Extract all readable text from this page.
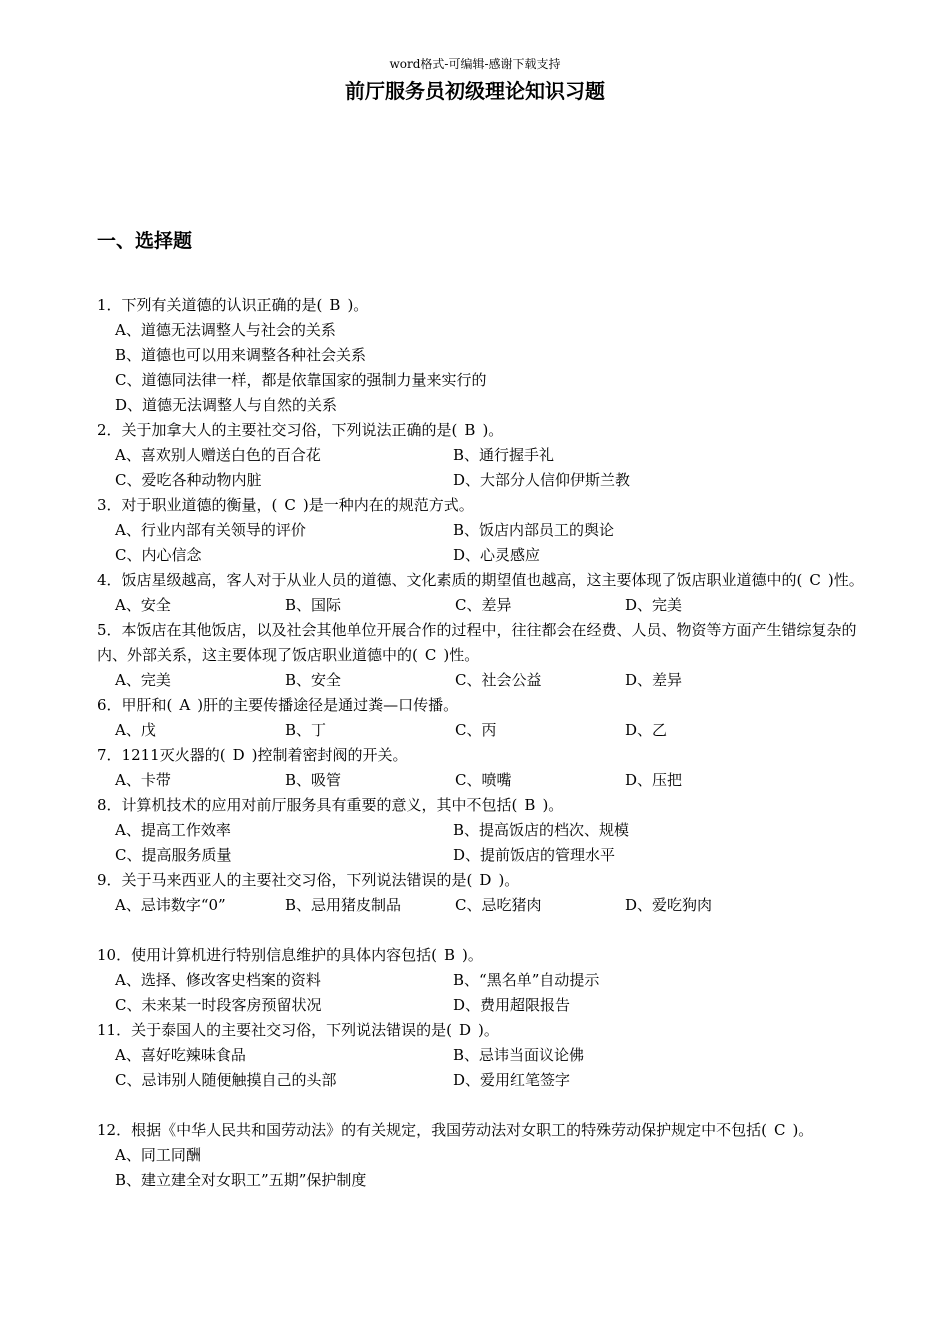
word格式-可编辑-感谢下载支持
前厅服务员初级理论知识习题
一、选择题
1．下列有关道德的认识正确的是( B )。
A、道德无法调整人与社会的关系
B、道德也可以用来调整各种社会关系
C、道德同法律一样，都是依靠国家的强制力量来实行的
D、道德无法调整人与自然的关系
2．关于加拿大人的主要社交习俗，下列说法正确的是( B )。
A、喜欢别人赠送白色的百合花	B、通行握手礼
C、爱吃各种动物内脏	D、大部分人信仰伊斯兰教
3．对于职业道德的衡量，( C )是一种内在的规范方式。
A、行业内部有关领导的评价	B、饭店内部员工的舆论
C、内心信念	D、心灵感应
4．饭店星级越高，客人对于从业人员的道德、文化素质的期望值也越高，这主要体现了饭店职业道德中的( C )性。
A、安全	B、国际	C、差异	D、完美
5．本饭店在其他饭店，以及社会其他单位开展合作的过程中，往往都会在经费、人员、物资等方面产生错综复杂的内、外部关系，这主要体现了饭店职业道德中的( C )性。
A、完美	B、安全	C、社会公益	D、差异
6．甲肝和( A )肝的主要传播途径是通过粪—口传播。
A、戊	B、丁	C、丙	D、乙
7．1211灭火器的( D )控制着密封阀的开关。
A、卡带	B、吸管	C、喷嘴	D、压把
8．计算机技术的应用对前厅服务具有重要的意义，其中不包括( B )。
A、提高工作效率	B、提高饭店的档次、规模
C、提高服务质量	D、提前饭店的管理水平
9．关于马来西亚人的主要社交习俗，下列说法错误的是( D )。
A、忌讳数字“0”	B、忌用猪皮制品	C、忌吃猪肉	D、爱吃狗肉
10．使用计算机进行特别信息维护的具体内容包括( B )。
A、选择、修改客史档案的资料	B、“黑名单”自动提示
C、未来某一时段客房预留状况	D、费用超限报告
11．关于泰国人的主要社交习俗，下列说法错误的是( D )。
A、喜好吃辣味食品	B、忌讳当面议论佛
C、忌讳别人随便触摸自己的头部	D、爱用红笔签字
12．根据《中华人民共和国劳动法》的有关规定，我国劳动法对女职工的特殊劳动保护规定中不包括( C )。
A、同工同酬
B、建立建全对女职工”五期”保护制度
